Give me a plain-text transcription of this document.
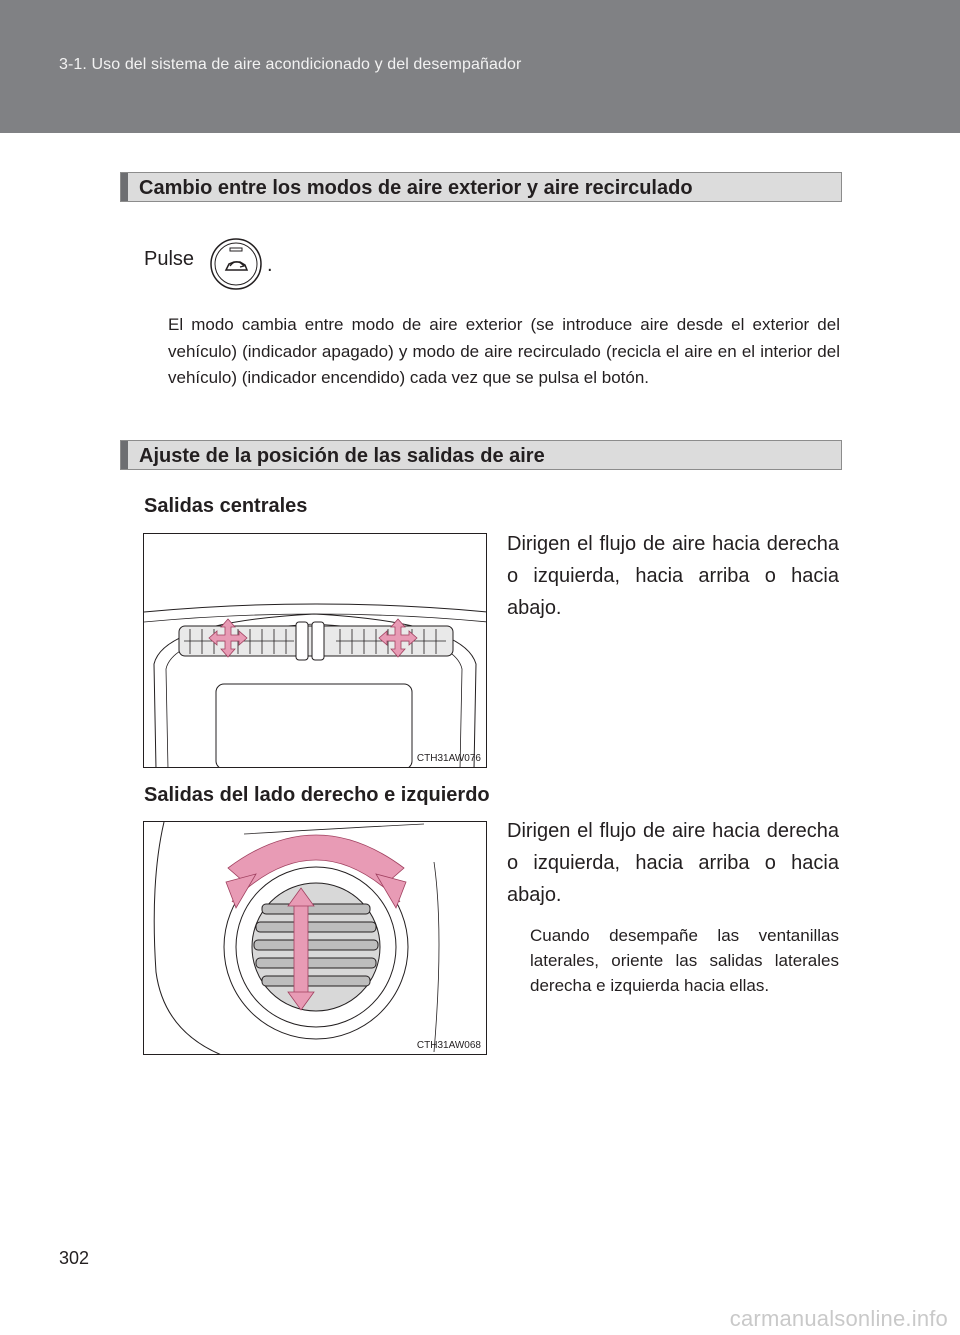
3-1. Uso del sistema de aire acondicionado y del desempañador
Cambio entre los modos de aire exterior y aire recirculado
Pulse	.
El modo cambia entre modo de aire exterior (se introduce aire desde el exterior del vehículo) (indicador apagado) y modo de aire recirculado (recicla el aire en el interior del vehículo) (indicador encendido) cada vez que se pulsa el botón.
Ajuste de la posición de las salidas de aire
Salidas centrales
CTH31AW076
Dirigen el flujo de aire hacia derecha o izquierda, hacia arriba o hacia abajo.
Salidas del lado derecho e izquierdo
CTH31AW068
Dirigen el flujo de aire hacia derecha o izquierda, hacia arriba o hacia abajo.
Cuando desempañe las ventanillas laterales, oriente las salidas laterales derecha e izquierda hacia ellas.
302
carmanualsonline.info
